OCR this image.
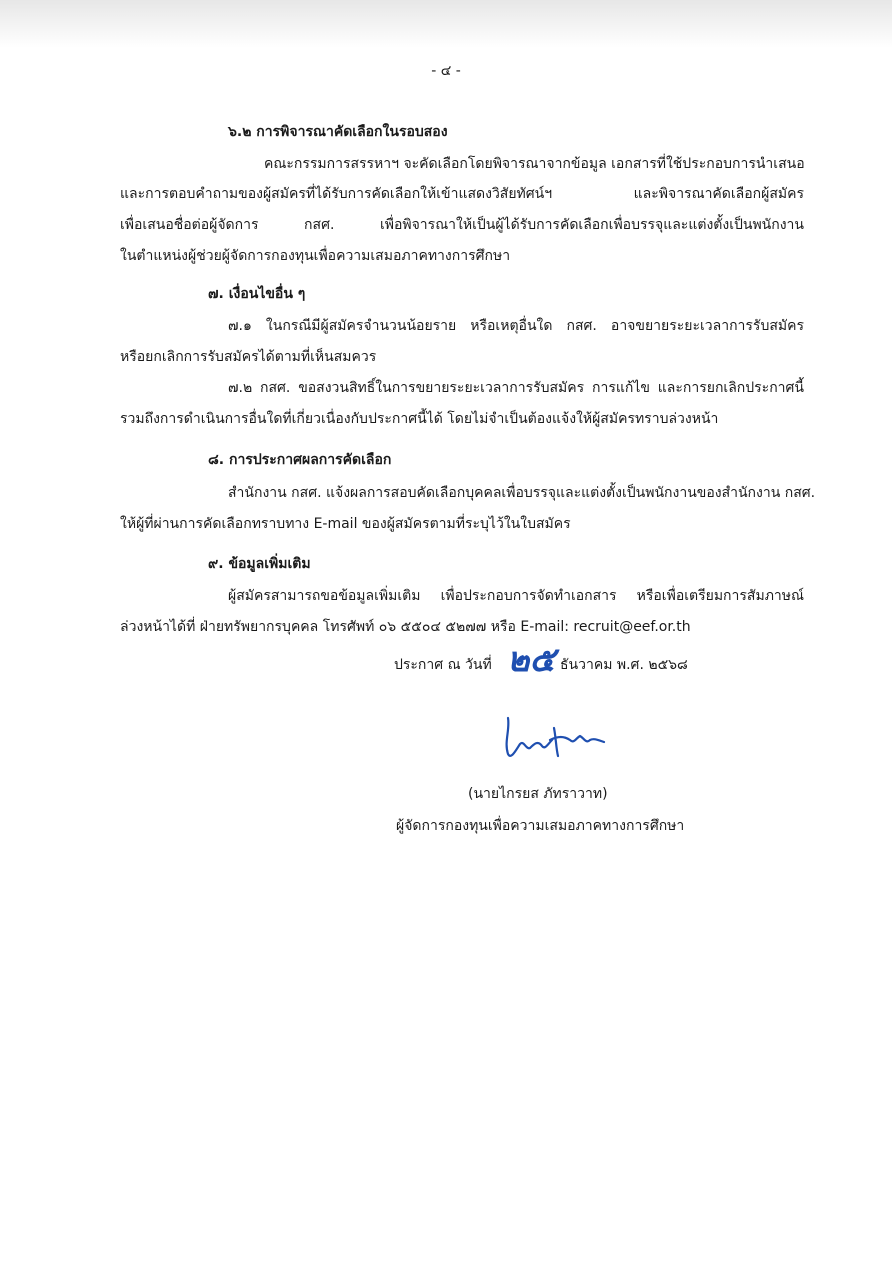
- ๔ -
๖.๒ การพิจารณาคัดเลือกในรอบสอง
คณะกรรมการสรรหาฯ จะคัดเลือกโดยพิจารณาจากข้อมูล เอกสารที่ใช้ประกอบการนำเสนอ
และการตอบคำถามของผู้สมัครที่ได้รับการคัดเลือกให้เข้าแสดงวิสัยทัศน์ฯ และพิจารณาคัดเลือกผู้สมัคร
เพื่อเสนอชื่อต่อผู้จัดการ กสศ. เพื่อพิจารณาให้เป็นผู้ได้รับการคัดเลือกเพื่อบรรจุและแต่งตั้งเป็นพนักงาน
ในตำแหน่งผู้ช่วยผู้จัดการกองทุนเพื่อความเสมอภาคทางการศึกษา
๗. เงื่อนไขอื่น ๆ
๗.๑ ในกรณีมีผู้สมัครจำนวนน้อยราย หรือเหตุอื่นใด กสศ. อาจขยายระยะเวลาการรับสมัคร
หรือยกเลิกการรับสมัครได้ตามที่เห็นสมควร
๗.๒ กสศ. ขอสงวนสิทธิ์ในการขยายระยะเวลาการรับสมัคร การแก้ไข และการยกเลิกประกาศนี้
รวมถึงการดำเนินการอื่นใดที่เกี่ยวเนื่องกับประกาศนี้ได้ โดยไม่จำเป็นต้องแจ้งให้ผู้สมัครทราบล่วงหน้า
๘. การประกาศผลการคัดเลือก
สำนักงาน กสศ. แจ้งผลการสอบคัดเลือกบุคคลเพื่อบรรจุและแต่งตั้งเป็นพนักงานของสำนักงาน กสศ.
ให้ผู้ที่ผ่านการคัดเลือกทราบทาง E-mail ของผู้สมัครตามที่ระบุไว้ในใบสมัคร
๙. ข้อมูลเพิ่มเติม
ผู้สมัครสามารถขอข้อมูลเพิ่มเติม เพื่อประกอบการจัดทำเอกสาร หรือเพื่อเตรียมการสัมภาษณ์
ล่วงหน้าได้ที่ ฝ่ายทรัพยากรบุคคล โทรศัพท์ ๐๖ ๕๕๐๔ ๕๒๗๗ หรือ E-mail: recruit@eef.or.th
ประกาศ ณ วันที่ ๒๕ ธันวาคม พ.ศ. ๒๕๖๘
(นายไกรยส ภัทราวาท)
ผู้จัดการกองทุนเพื่อความเสมอภาคทางการศึกษา
